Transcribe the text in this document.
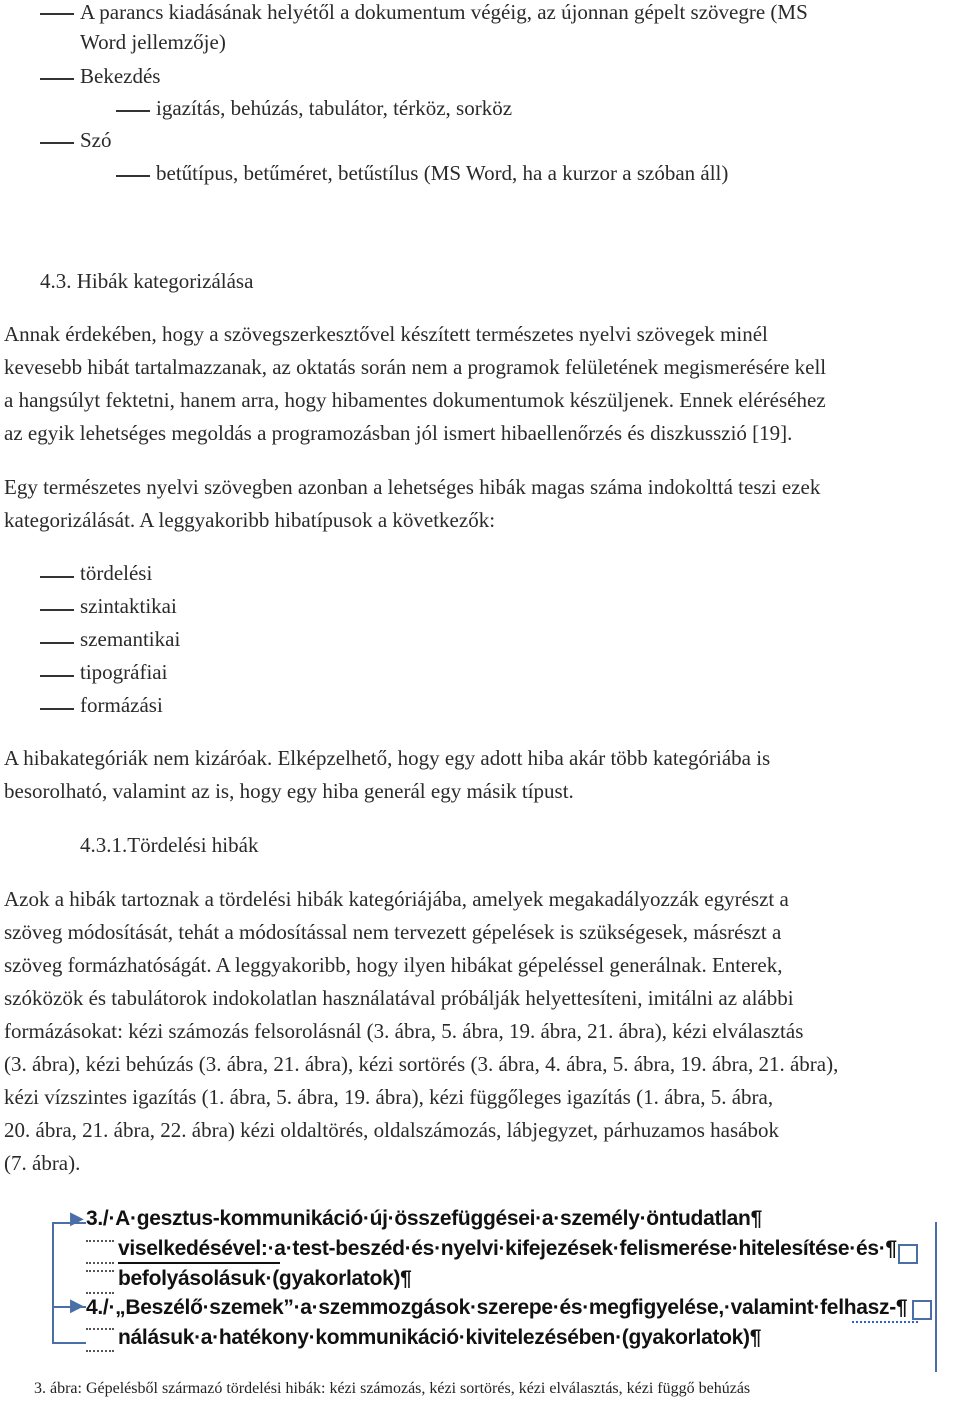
A parancs kiadásának helyétől a dokumentum végéig, az újonnan gépelt szövegre (MS
Word jellemzője)
Bekezdés
igazítás, behúzás, tabulátor, térköz, sorköz
Szó
betűtípus, betűméret, betűstílus (MS Word, ha a kurzor a szóban áll)
4.3. Hibák kategorizálása
Annak érdekében, hogy a szövegszerkesztővel készített természetes nyelvi szövegek minél
kevesebb hibát tartalmazzanak, az oktatás során nem a programok felületének megismerésére kell
a hangsúlyt fektetni, hanem arra, hogy hibamentes dokumentumok készüljenek. Ennek eléréséhez
az egyik lehetséges megoldás a programozásban jól ismert hibaellenőrzés és diszkusszió [19].
Egy természetes nyelvi szövegben azonban a lehetséges hibák magas száma indokolttá teszi ezek
kategorizálását. A leggyakoribb hibatípusok a következők:
tördelési
szintaktikai
szemantikai
tipográfiai
formázási
A hibakategóriák nem kizáróak. Elképzelhető, hogy egy adott hiba akár több kategóriába is
besorolható, valamint az is, hogy egy hiba generál egy másik típust.
4.3.1.Tördelési hibák
Azok a hibák tartoznak a tördelési hibák kategóriájába, amelyek megakadályozzák egyrészt a
szöveg módosítását, tehát a módosítással nem tervezett gépelések is szükségesek, másrészt a
szöveg formázhatóságát. A leggyakoribb, hogy ilyen hibákat gépeléssel generálnak. Enterek,
szóközök és tabulátorok indokolatlan használatával próbálják helyettesíteni, imitálni az alábbi
formázásokat: kézi számozás felsorolásnál (3. ábra, 5. ábra, 19. ábra, 21. ábra), kézi elválasztás
(3. ábra), kézi behúzás (3. ábra, 21. ábra), kézi sortörés (3. ábra, 4. ábra, 5. ábra, 19. ábra, 21. ábra),
kézi vízszintes igazítás (1. ábra, 5. ábra, 19. ábra), kézi függőleges igazítás (1. ábra, 5. ábra,
20. ábra, 21. ábra, 22. ábra) kézi oldaltörés, oldalszámozás, lábjegyzet, párhuzamos hasábok
(7. ábra).
▶
▶
3./·A·gesztus-kommunikáció·új·összefüggései·a·személy·öntudatlan¶
viselkedésével:·a·test-beszéd·és·nyelvi·kifejezések·felismerése·hitelesítése·és·¶
befolyásolásuk·(gyakorlatok)¶
4./·„Beszélő·szemek”·a·szemmozgások·szerepe·és·megfigyelése,·valamint·felhasz-¶
nálásuk·a·hatékony·kommunikáció·kivitelezésében·(gyakorlatok)¶
3. ábra: Gépelésből származó tördelési hibák: kézi számozás, kézi sortörés, kézi elválasztás, kézi függő behúzás
